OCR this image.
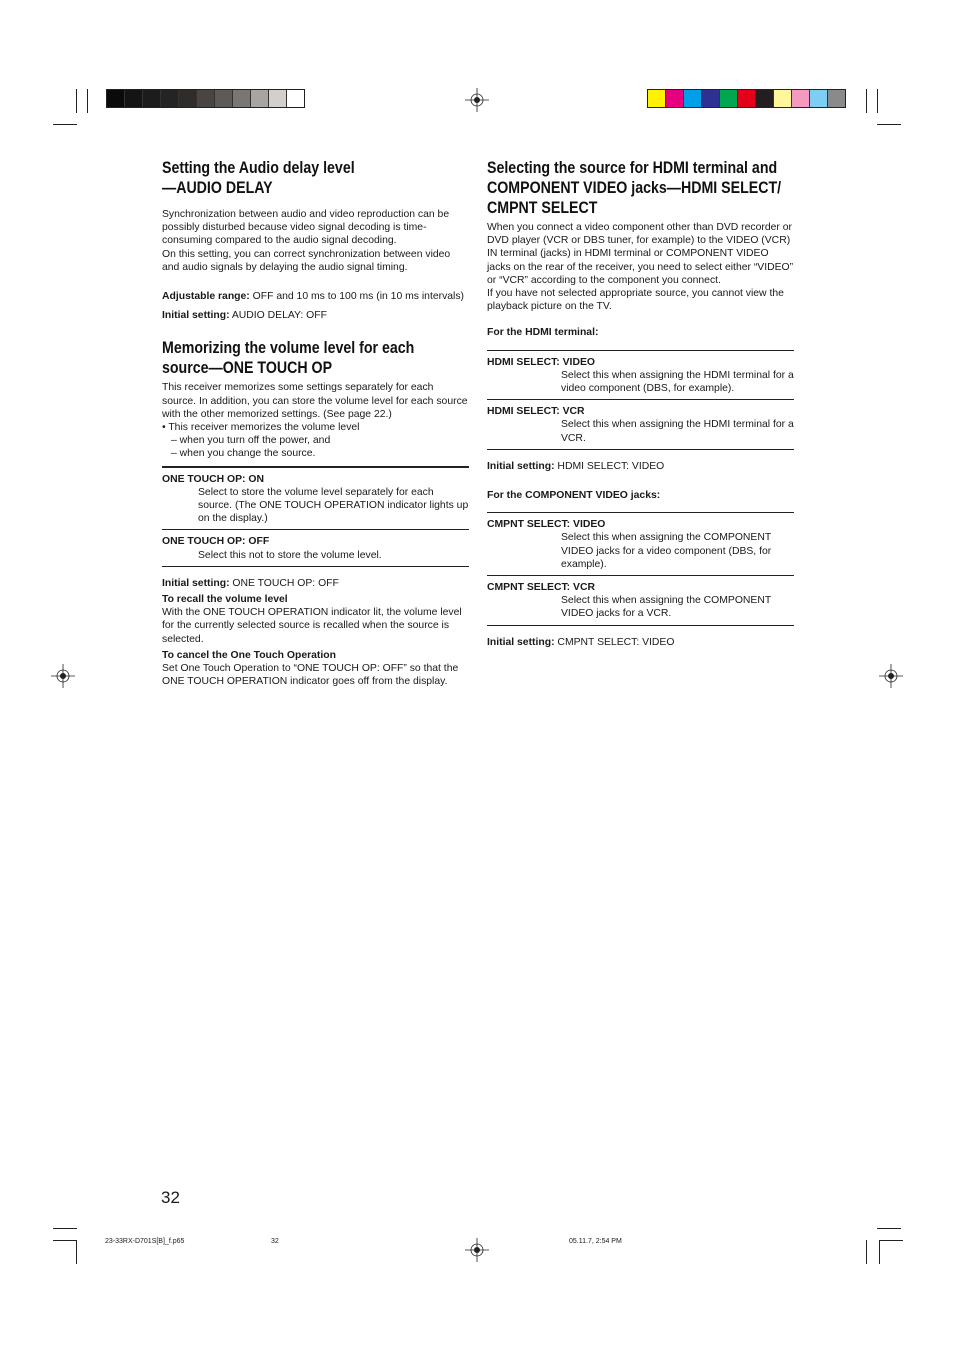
Setting the Audio delay level
—AUDIO DELAY

Synchronization between audio and video reproduction can be possibly disturbed because video signal decoding is time-consuming compared to the audio signal decoding.

On this setting, you can correct synchronization between video and audio signals by delaying the audio signal timing.

Adjustable range: OFF and 10 ms to 100 ms (in 10 ms intervals)

Initial setting: AUDIO DELAY: OFF

Memorizing the volume level for each
source—ONE TOUCH OP

This receiver memorizes some settings separately for each source. In addition, you can store the volume level for each source with the other memorized settings. (See page 22.)

• This receiver memorizes the volume level

– when you turn off the power, and

– when you change the source.

ONE TOUCH OP: ON
Select to store the volume level separately for each source. (The ONE TOUCH OPERATION indicator lights up on the display.)
ONE TOUCH OP: OFF
Select this not to store the volume level.

Initial setting: ONE TOUCH OP: OFF

To recall the volume level

With the ONE TOUCH OPERATION indicator lit, the volume level for the currently selected source is recalled when the source is selected.

To cancel the One Touch Operation

Set One Touch Operation to “ONE TOUCH OP: OFF” so that the ONE TOUCH OPERATION indicator goes off from the display.

Selecting the source for HDMI terminal and
COMPONENT VIDEO jacks—HDMI SELECT/
CMPNT SELECT

When you connect a video component other than DVD recorder or DVD player (VCR or DBS tuner, for example) to the VIDEO (VCR) IN terminal (jacks) in HDMI terminal or COMPONENT VIDEO jacks on the rear of the receiver, you need to select either “VIDEO” or “VCR” according to the component you connect.

If you have not selected appropriate source, you cannot view the playback picture on the TV.

For the HDMI terminal:

HDMI SELECT: VIDEO
Select this when assigning the HDMI terminal for a video component (DBS, for example).
HDMI SELECT: VCR
Select this when assigning the HDMI terminal for a VCR.

Initial setting: HDMI SELECT: VIDEO

For the COMPONENT VIDEO jacks:

CMPNT SELECT: VIDEO
Select this when assigning the COMPONENT VIDEO jacks for a video component (DBS, for example).
CMPNT SELECT: VCR
Select this when assigning the COMPONENT VIDEO jacks for a VCR.

Initial setting: CMPNT SELECT: VIDEO

32
23-33RX-D701S[B]_f.p65	32	05.11.7, 2:54 PM
